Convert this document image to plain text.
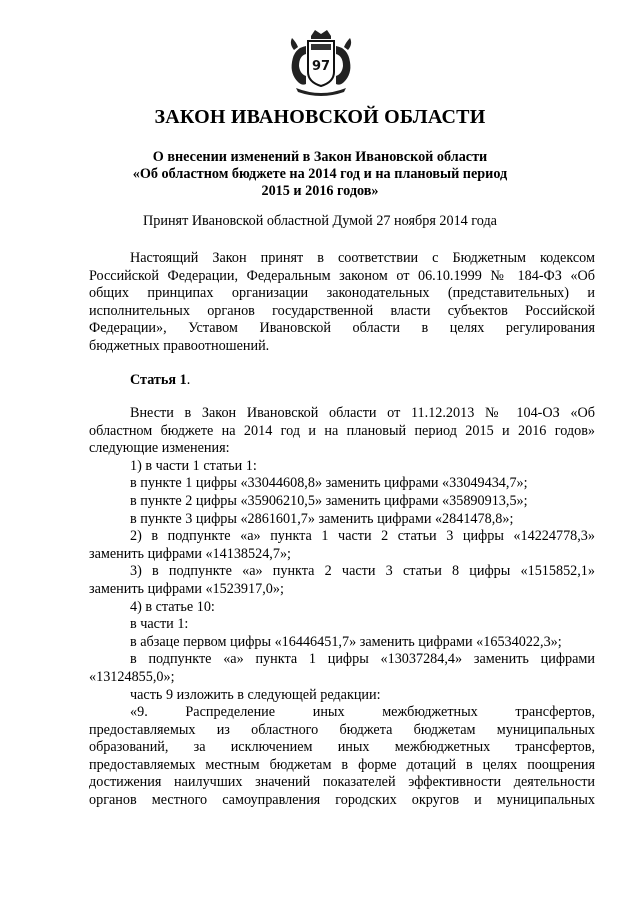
97
ЗАКОН ИВАНОВСКОЙ ОБЛАСТИ
О внесении изменений в Закон Ивановской области
«Об областном бюджете на 2014 год и на плановый период
2015 и 2016 годов»
Принят Ивановской областной Думой 27 ноября 2014 года
Настоящий Закон принят в соответствии с Бюджетным кодексом
Российской Федерации, Федеральным законом от 06.10.1999 № 184-ФЗ «Об
общих принципах организации законодательных (представительных) и
исполнительных органов государственной власти субъектов Российской
Федерации», Уставом Ивановской области в целях регулирования
бюджетных правоотношений.
Статья 1.
Внести в Закон Ивановской области от 11.12.2013 № 104-ОЗ «Об
областном бюджете на 2014 год и на плановый период 2015 и 2016 годов»
следующие изменения:
1) в части 1 статьи 1:
в пункте 1 цифры «33044608,8» заменить цифрами «33049434,7»;
в пункте 2 цифры «35906210,5» заменить цифрами «35890913,5»;
в пункте 3 цифры «2861601,7» заменить цифрами «2841478,8»;
2) в подпункте «а» пункта 1 части 2 статьи 3 цифры «14224778,3»
заменить цифрами «14138524,7»;
3) в подпункте «а» пункта 2 части 3 статьи 8 цифры «1515852,1»
заменить цифрами «1523917,0»;
4) в статье 10:
в части 1:
в абзаце первом цифры «16446451,7» заменить цифрами «16534022,3»;
в подпункте «а» пункта 1 цифры «13037284,4» заменить цифрами
«13124855,0»;
часть 9 изложить в следующей редакции:
«9. Распределение иных межбюджетных трансфертов,
предоставляемых из областного бюджета бюджетам муниципальных
образований, за исключением иных межбюджетных трансфертов,
предоставляемых местным бюджетам в форме дотаций в целях поощрения
достижения наилучших значений показателей эффективности деятельности
органов местного самоуправления городских округов и муниципальных
